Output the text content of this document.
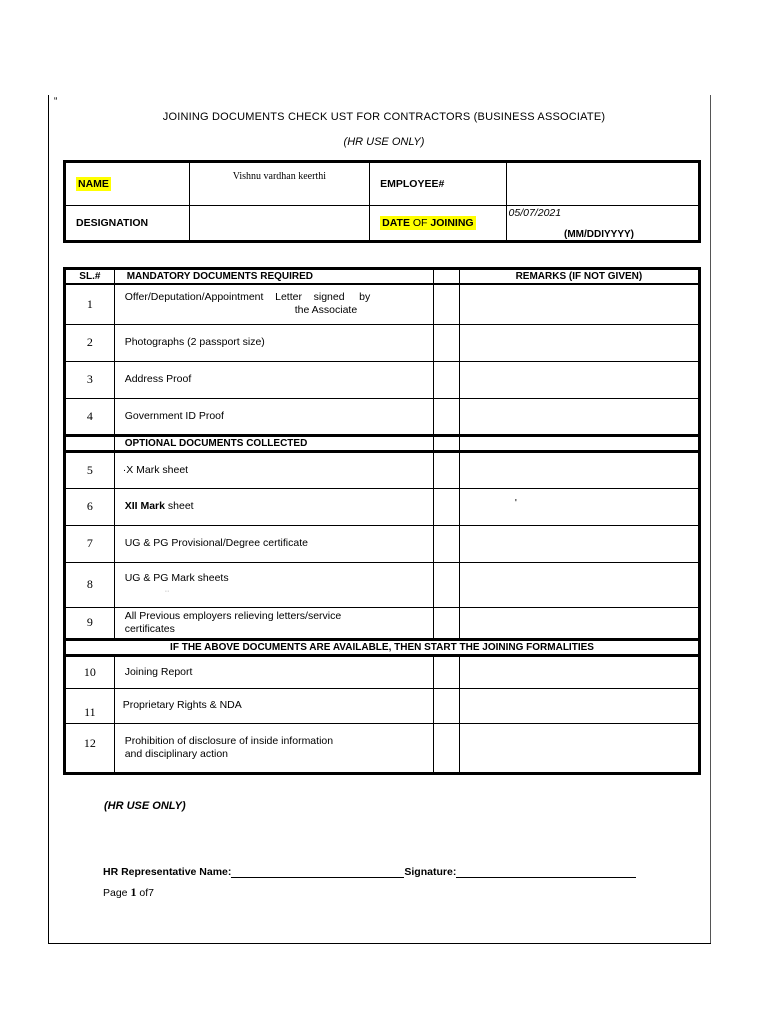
“
JOINING DOCUMENTS CHECK UST FOR CONTRACTORS (BUSINESS ASSOCIATE)
(HR USE ONLY)
NAME	Vishnu vardhan keerthi	EMPLOYEE#	
DESIGNATION		DATE OF JOINING	05/07/2021
(MM/DDIYYYY)
SL.#	MANDATORY DOCUMENTS REQUIRED		REMARKS (IF NOT GIVEN)
1	Offer/Deputation/Appointment    Letter    signed     by
the Associate		

2	Photographs (2 passport size)		
3	Address Proof		
4	Government ID Proof		
	OPTIONAL DOCUMENTS COLLECTED		
5	·X Mark sheet		
6	XII Mark sheet		'
7	UG & PG Provisional/Degree certificate		
8	UG & PG Mark sheets
··		

9	All Previous employers relieving letters/service
certificates		

IF THE ABOVE DOCUMENTS ARE AVAILABLE, THEN START THE JOINING FORMALITIES			
10	Joining Report		
11	Proprietary Rights & NDA		
12	Prohibition of disclosure of inside information
and disciplinary action		

(HR USE ONLY)
HR Representative Name:	Signature:
Page 1 of7
